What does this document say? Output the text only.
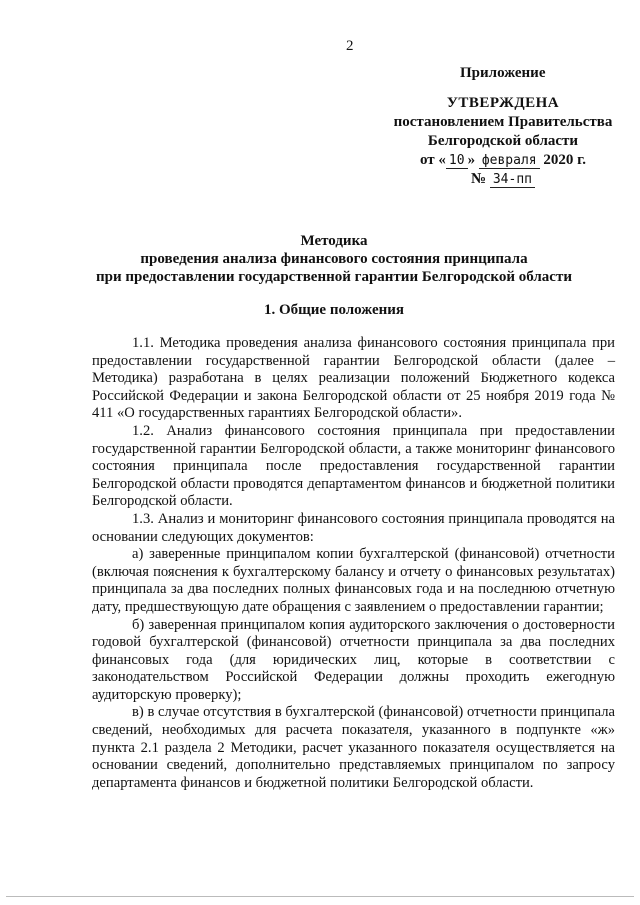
2
Приложение
УТВЕРЖДЕНА
постановлением Правительства
Белгородской области
от « 10 » февраля 2020 г.
№ 34-пп
Методика
проведения анализа финансового состояния принципала
при предоставлении государственной гарантии Белгородской области
1. Общие положения

1.1. Методика проведения анализа финансового состояния принципала при предоставлении государственной гарантии Белгородской области (далее – Методика) разработана в целях реализации положений Бюджетного кодекса Российской Федерации и закона Белгородской области от 25 ноября 2019 года № 411 «О государственных гарантиях Белгородской области».

1.2. Анализ финансового состояния принципала при предоставлении государственной гарантии Белгородской области, а также мониторинг финансового состояния принципала после предоставления государственной гарантии Белгородской области проводятся департаментом финансов и бюджетной политики Белгородской области.

1.3. Анализ и мониторинг финансового состояния принципала проводятся на основании следующих документов:

а) заверенные принципалом копии бухгалтерской (финансовой) отчетности (включая пояснения к бухгалтерскому балансу и отчету о финансовых результатах) принципала за два последних полных финансовых года и на последнюю отчетную дату, предшествующую дате обращения с заявлением о предоставлении гарантии;

б) заверенная принципалом копия аудиторского заключения о достоверности годовой бухгалтерской (финансовой) отчетности принципала за два последних финансовых года (для юридических лиц, которые в соответствии с законодательством Российской Федерации должны проходить ежегодную аудиторскую проверку);

в) в случае отсутствия в бухгалтерской (финансовой) отчетности принципала сведений, необходимых для расчета показателя, указанного в подпункте «ж» пункта 2.1 раздела 2 Методики, расчет указанного показателя осуществляется на основании сведений, дополнительно представляемых принципалом по запросу департамента финансов и бюджетной политики Белгородской области.
